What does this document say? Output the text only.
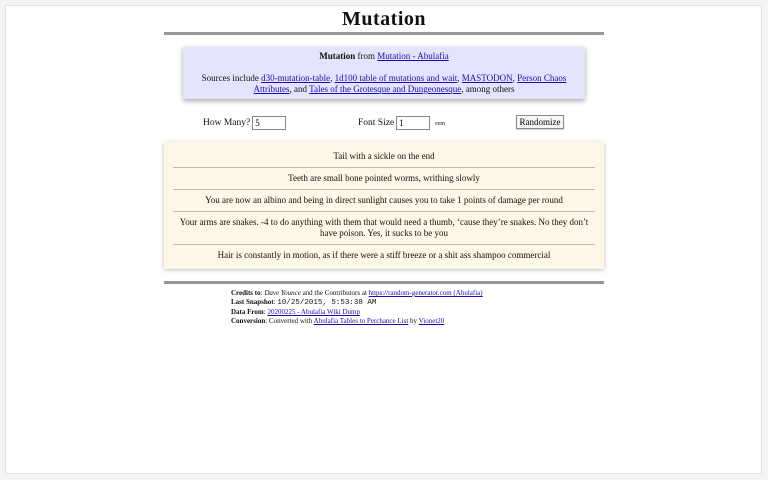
Mutation

Mutation from Mutation - Abulafia

Sources include d30-mutation-table, 1d100 table of mutations and wait, MASTODON, Person Chaos Attributes, and Tales of the Grotesque and Dungeonesque, among others

How Many?
5	Font Size
1	rem	Randomize
Tail with a sickle on the end
Teeth are small bone pointed worms, writhing slowly
You are now an albino and being in direct sunlight causes you to take 1 points of damage per round
Your arms are snakes. -4 to do anything with them that would need a thumb, ‘cause they’re snakes. No they don’t have poison. Yes, it sucks to be you
Hair is constantly in motion, as if there were a stiff breeze or a shit ass shampoo commercial
Credits to: Dave Younce and the Contributors at https://random-generator.com (Abulafia)
Last Snapshot: 10/25/2015, 5:53:38 AM
Data From: 20200225 - Abulafia Wiki Dump
Conversion: Converted with Abulafia Tables to Perchance List by Vionet20
